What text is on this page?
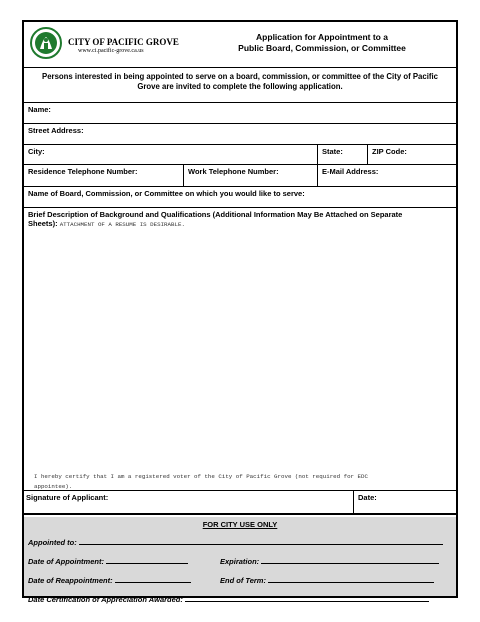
CITY OF PACIFIC GROVE
www.ci.pacific-grove.ca.us
Application for Appointment to a
Public Board, Commission, or Committee
Persons interested in being appointed to serve on a board, commission, or committee of the City of Pacific Grove are invited to complete the following application.
Name:
Street Address:
City:	State:	ZIP Code:
Residence Telephone Number:	Work Telephone Number:	E-Mail Address:
Name of Board, Commission, or Committee on which you would like to serve:
Brief Description of Background and Qualifications (Additional Information May Be Attached on Separate
Sheets): ATTACHMENT OF A RESUME IS DESIRABLE.
I hereby certify that I am a registered voter of the City of Pacific Grove (not required for EDC
appointee).
Signature of Applicant:	Date:
FOR CITY USE ONLY
Appointed to:
Date of Appointment:	Expiration:
Date of Reappointment:	End of Term:
Date Certification of Appreciation Awarded:
